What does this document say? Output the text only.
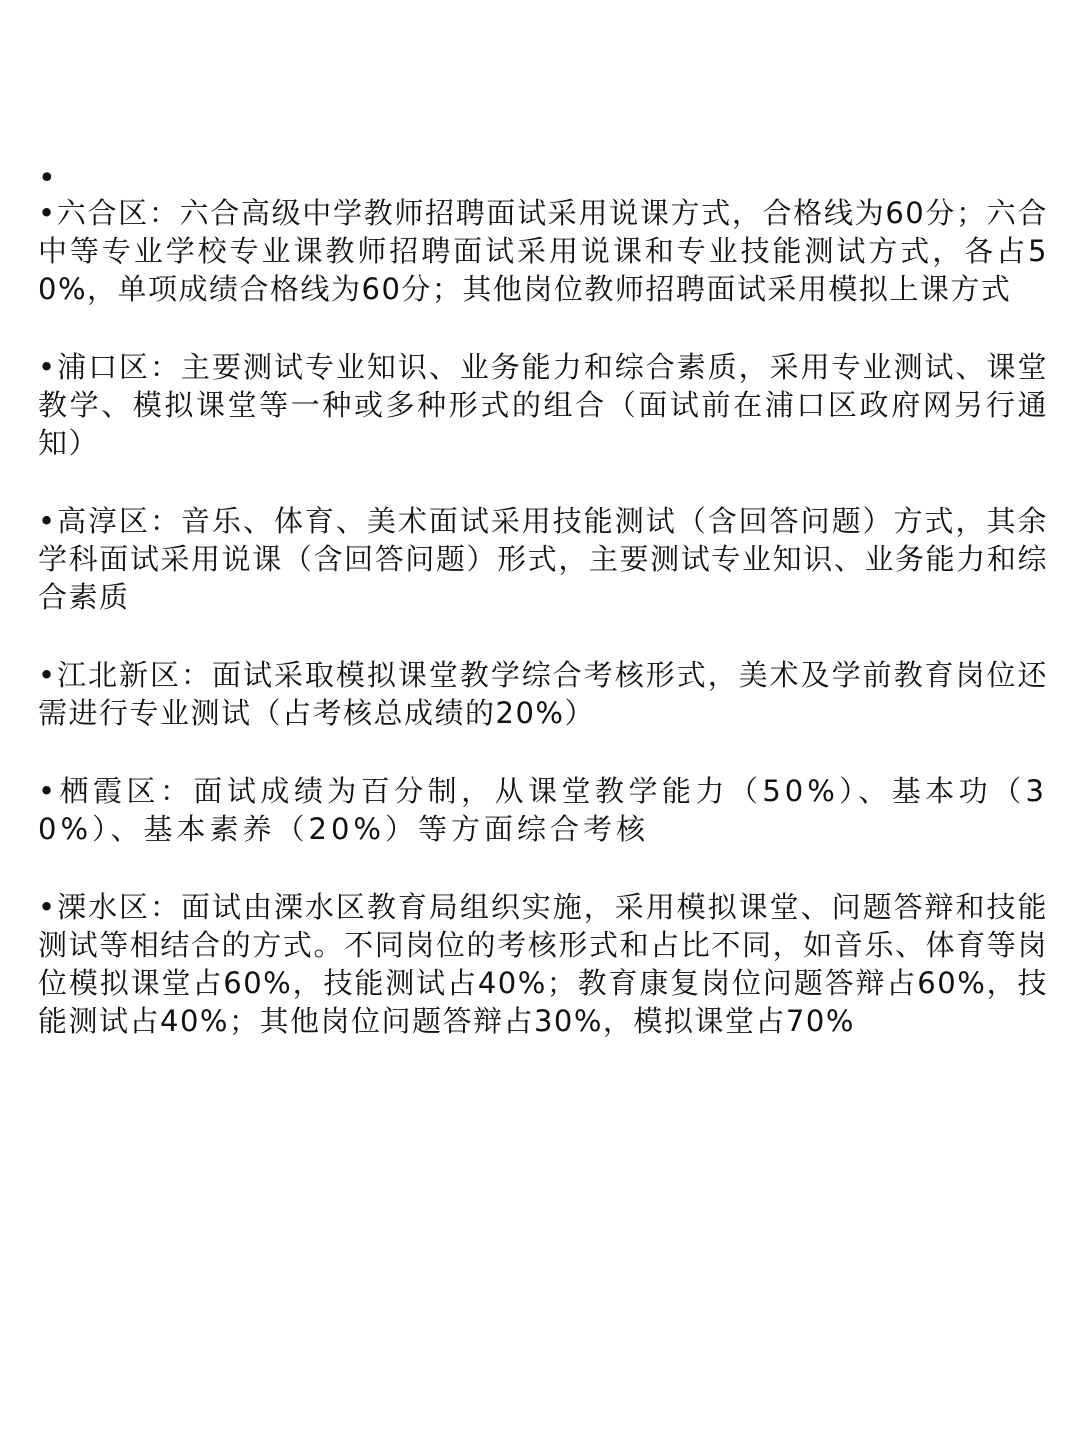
•

•六合区：六合高级中学教师招聘面试采用说课方式，合格线为60分；六合中等专业学校专业课教师招聘面试采用说课和专业技能测试方式，各占50%，单项成绩合格线为60分；其他岗位教师招聘面试采用模拟上课方式

•浦口区：主要测试专业知识、业务能力和综合素质，采用专业测试、课堂教学、模拟课堂等一种或多种形式的组合（面试前在浦口区政府网另行通知）

•高淳区：音乐、体育、美术面试采用技能测试（含回答问题）方式，其余学科面试采用说课（含回答问题）形式，主要测试专业知识、业务能力和综合素质

•江北新区：面试采取模拟课堂教学综合考核形式，美术及学前教育岗位还需进行专业测试（占考核总成绩的20%）

•栖霞区：面试成绩为百分制，从课堂教学能力（50%）、基本功（30%）、基本素养（20%）等方面综合考核

•溧水区：面试由溧水区教育局组织实施，采用模拟课堂、问题答辩和技能测试等相结合的方式。不同岗位的考核形式和占比不同，如音乐、体育等岗位模拟课堂占60%，技能测试占40%；教育康复岗位问题答辩占60%，技能测试占40%；其他岗位问题答辩占30%，模拟课堂占70%
